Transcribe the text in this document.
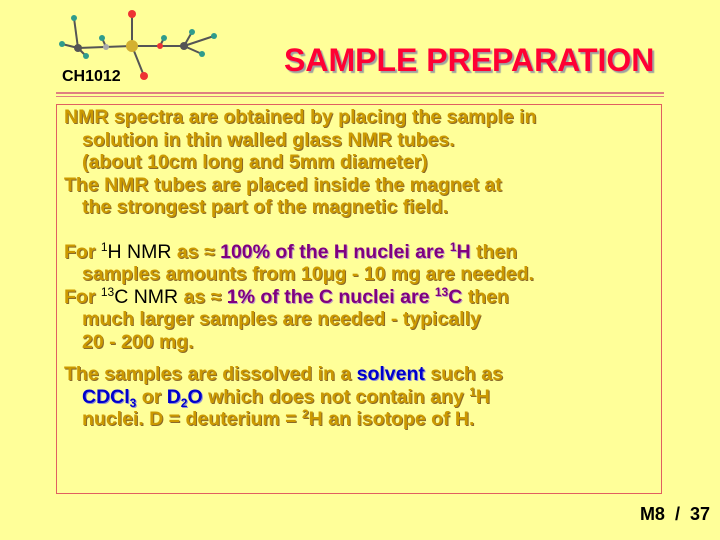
CH1012	SAMPLE PREPARATION

NMR spectra are obtained by placing the sample in

solution in thin walled glass NMR tubes.

(about 10cm long and 5mm diameter)

The NMR tubes are placed inside the magnet at

the strongest part of the magnetic field.

For $^1$H NMR as ≈ 100% of the H nuclei are $^1$H then

samples amounts from 10μg - 10 mg are needed.

For $^{13}$C NMR as ≈ 1% of the C nuclei are $^{13}$C then

much larger samples are needed - typically

20 - 200 mg.

The samples are dissolved in a solvent such as

CDCl$_3$ or $D_2O$ which does not contain any $^1$H

nuclei. D = deuterium = $^2$H an isotope of H.

M8 / 37
